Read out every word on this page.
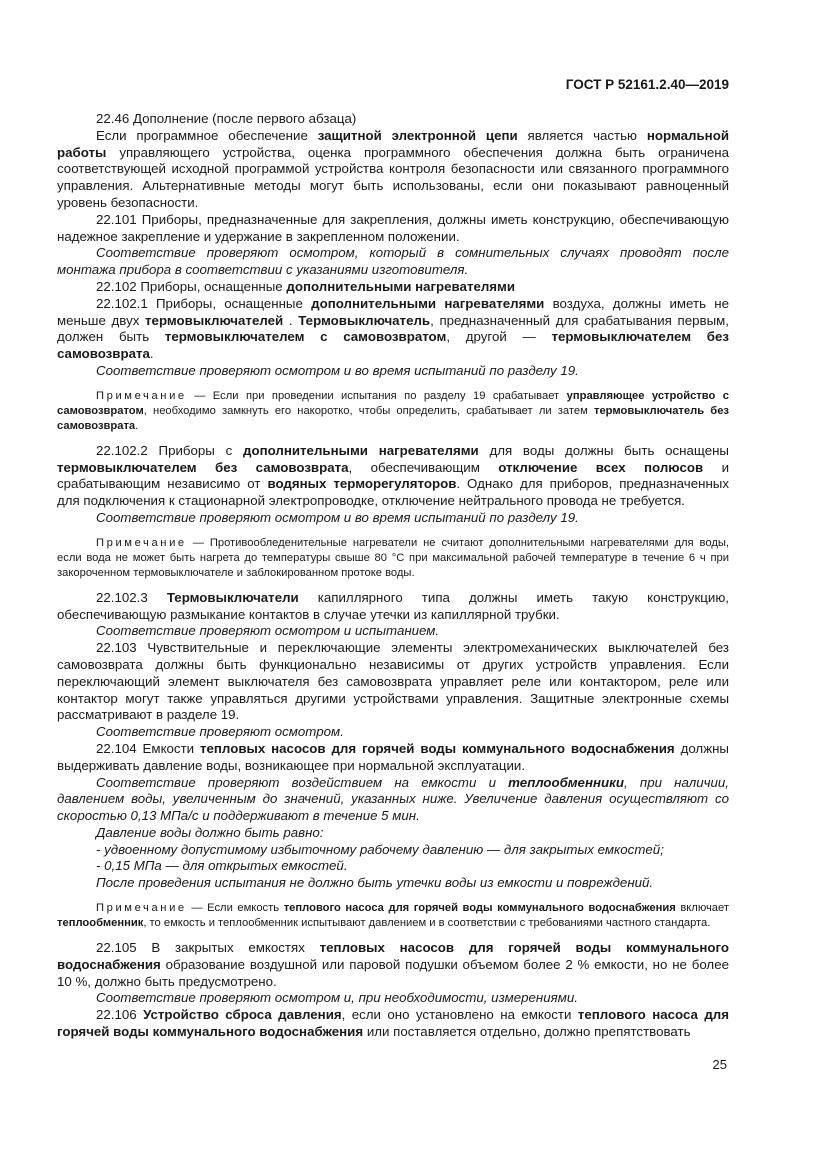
ГОСТ Р 52161.2.40—2019
22.46 Дополнение (после первого абзаца)
Если программное обеспечение защитной электронной цепи является частью нормальной работы управляющего устройства, оценка программного обеспечения должна быть ограничена соответствующей исходной программой устройства контроля безопасности или связанного программного управления. Альтернативные методы могут быть использованы, если они показывают равноценный уровень безопасности.
22.101 Приборы, предназначенные для закрепления, должны иметь конструкцию, обеспечивающую надежное закрепление и удержание в закрепленном положении.
Соответствие проверяют осмотром, который в сомнительных случаях проводят после монтажа прибора в соответствии с указаниями изготовителя.
22.102 Приборы, оснащенные дополнительными нагревателями
22.102.1 Приборы, оснащенные дополнительными нагревателями воздуха, должны иметь не меньше двух термовыключателей . Термовыключатель, предназначенный для срабатывания первым, должен быть термовыключателем с самовозвратом, другой — термовыключателем без самовозврата.
Соответствие проверяют осмотром и во время испытаний по разделу 19.
Примечание — Если при проведении испытания по разделу 19 срабатывает управляющее устройство с самовозвратом, необходимо замкнуть его накоротко, чтобы определить, срабатывает ли затем термовыключатель без самовозврата.
22.102.2 Приборы с дополнительными нагревателями для воды должны быть оснащены термовыключателем без самовозврата, обеспечивающим отключение всех полюсов и срабатывающим независимо от водяных терморегуляторов. Однако для приборов, предназначенных для подключения к стационарной электропроводке, отключение нейтрального провода не требуется.
Соответствие проверяют осмотром и во время испытаний по разделу 19.
Примечание — Противообледенительные нагреватели не считают дополнительными нагревателями для воды, если вода не может быть нагрета до температуры свыше 80 °С при максимальной рабочей температуре в течение 6 ч при закороченном термовыключателе и заблокированном протоке воды.
22.102.3 Термовыключатели капиллярного типа должны иметь такую конструкцию, обеспечивающую размыкание контактов в случае утечки из капиллярной трубки.
Соответствие проверяют осмотром и испытанием.
22.103 Чувствительные и переключающие элементы электромеханических выключателей без самовозврата должны быть функционально независимы от других устройств управления. Если переключающий элемент выключателя без самовозврата управляет реле или контактором, реле или контактор могут также управляться другими устройствами управления. Защитные электронные схемы рассматривают в разделе 19.
Соответствие проверяют осмотром.
22.104 Емкости тепловых насосов для горячей воды коммунального водоснабжения должны выдерживать давление воды, возникающее при нормальной эксплуатации.
Соответствие проверяют воздействием на емкости и теплообменники, при наличии, давлением воды, увеличенным до значений, указанных ниже. Увеличение давления осуществляют со скоростью 0,13 МПа/с и поддерживают в течение 5 мин.
Давление воды должно быть равно:
- удвоенному допустимому избыточному рабочему давлению — для закрытых емкостей;
- 0,15 МПа — для открытых емкостей.
После проведения испытания не должно быть утечки воды из емкости и повреждений.
Примечание — Если емкость теплового насоса для горячей воды коммунального водоснабжения включает теплообменник, то емкость и теплообменник испытывают давлением и в соответствии с требованиями частного стандарта.
22.105 В закрытых емкостях тепловых насосов для горячей воды коммунального водоснабжения образование воздушной или паровой подушки объемом более 2 % емкости, но не более 10 %, должно быть предусмотрено.
Соответствие проверяют осмотром и, при необходимости, измерениями.
22.106 Устройство сброса давления, если оно установлено на емкости теплового насоса для горячей воды коммунального водоснабжения или поставляется отдельно, должно препятствовать
25
